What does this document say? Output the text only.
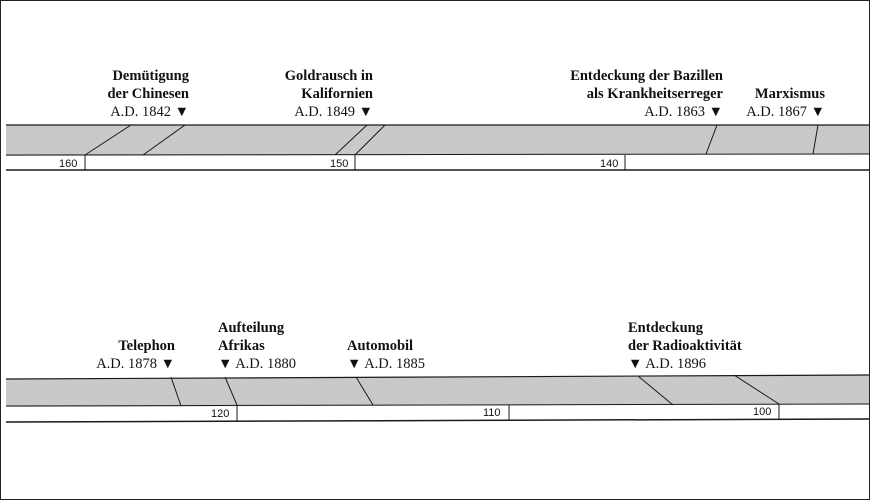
Demütigung
der Chinesen
A.D. 1842 ▼
Goldrausch in
Kalifornien
A.D. 1849 ▼
Entdeckung der Bazillen
als Krankheitserreger
A.D. 1863 ▼
Marxismus
A.D. 1867 ▼
160	150	140
Telephon
A.D. 1878 ▼
Aufteilung
Afrikas
▼ A.D. 1880
Automobil
▼ A.D. 1885
Entdeckung
der Radioaktivität
▼ A.D. 1896
120	110	100
